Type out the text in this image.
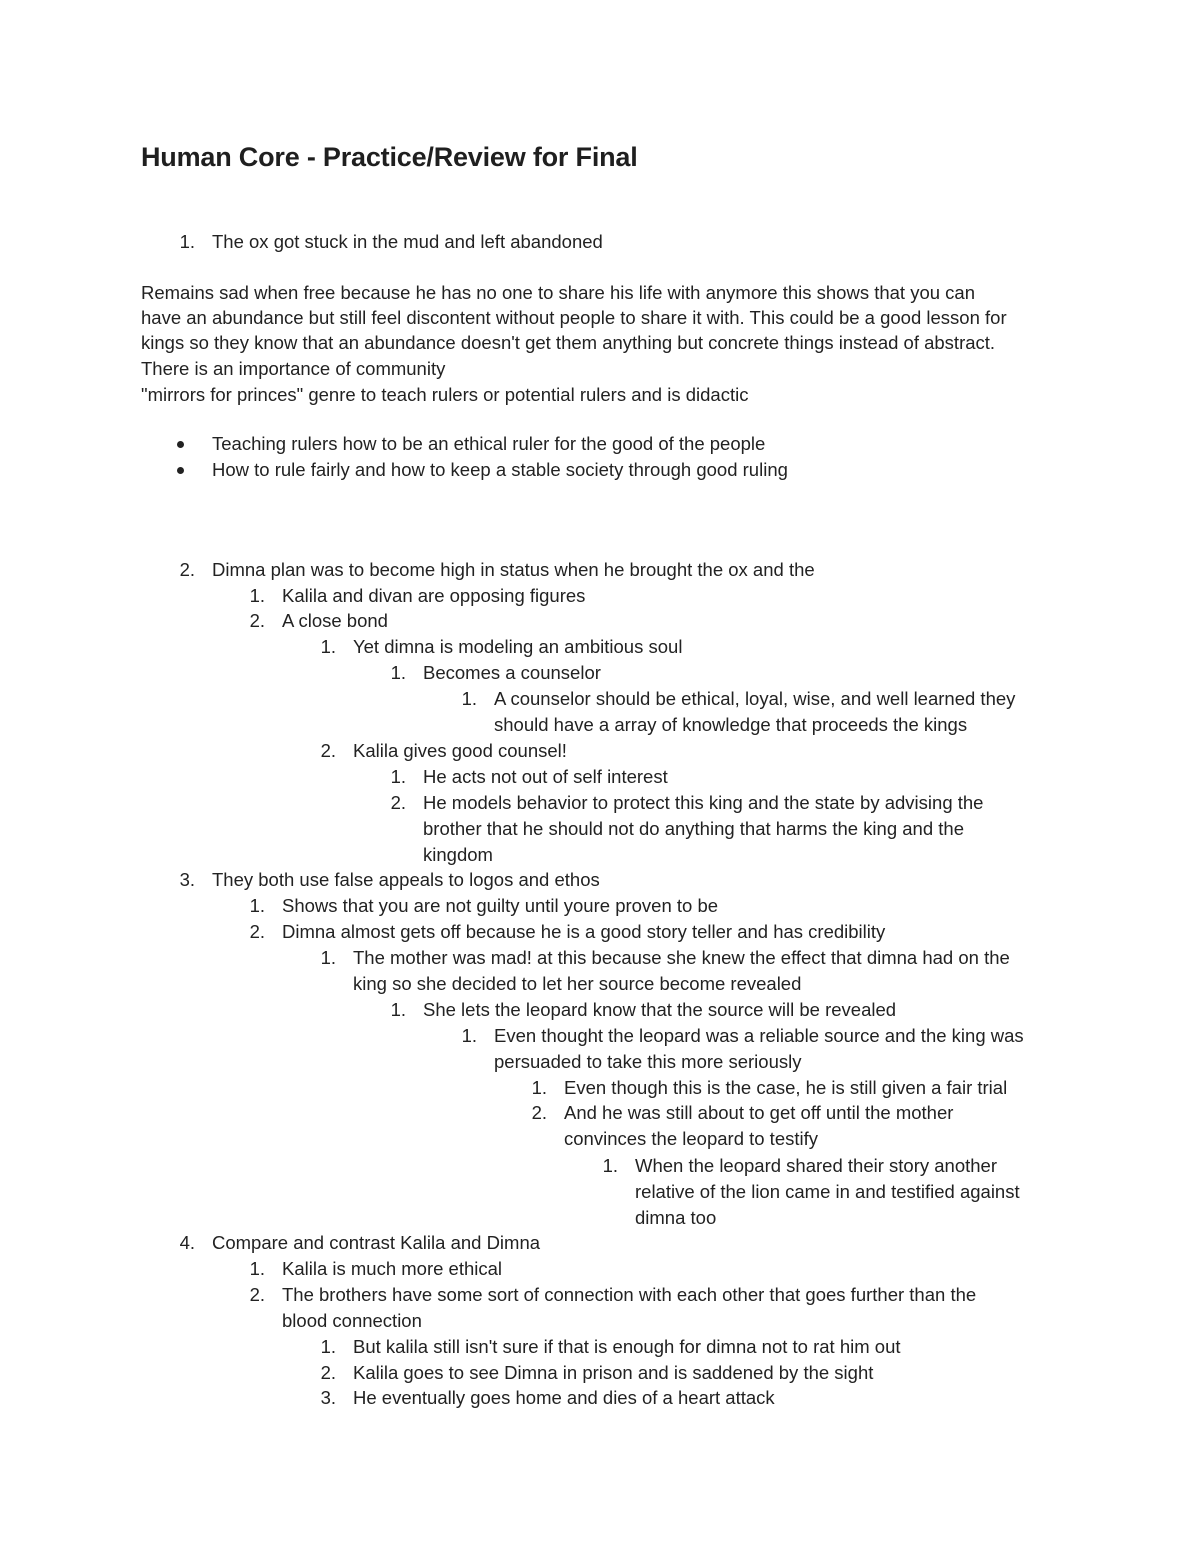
Human Core - Practice/Review for Final
1. The ox got stuck in the mud and left abandoned
Remains sad when free because he has no one to share his life with anymore this shows that you can
have an abundance but still feel discontent without people to share it with. This could be a good lesson for
kings so they know that an abundance doesn't get them anything but concrete things instead of abstract.
There is an importance of community
"mirrors for princes" genre to teach rulers or potential rulers and is didactic
Teaching rulers how to be an ethical ruler for the good of the people
How to rule fairly and how to keep a stable society through good ruling
2. Dimna plan was to become high in status when he brought the ox and the
1. Kalila and divan are opposing figures
2. A close bond
1. Yet dimna is modeling an ambitious soul
1. Becomes a counselor
1. A counselor should be ethical, loyal, wise, and well learned they
should have a array of knowledge that proceeds the kings
2. Kalila gives good counsel!
1. He acts not out of self interest
2. He models behavior to protect this king and the state by advising the
brother that he should not do anything that harms the king and the
kingdom
3. They both use false appeals to logos and ethos
1. Shows that you are not guilty until youre proven to be
2. Dimna almost gets off because he is a good story teller and has credibility
1. The mother was mad! at this because she knew the effect that dimna had on the
king so she decided to let her source become revealed
1. She lets the leopard know that the source will be revealed
1. Even thought the leopard was a reliable source and the king was
persuaded to take this more seriously
1. Even though this is the case, he is still given a fair trial
2. And he was still about to get off until the mother
convinces the leopard to testify
1. When the leopard shared their story another
relative of the lion came in and testified against
dimna too
4. Compare and contrast Kalila and Dimna
1. Kalila is much more ethical
2. The brothers have some sort of connection with each other that goes further than the
blood connection
1. But kalila still isn't sure if that is enough for dimna not to rat him out
2. Kalila goes to see Dimna in prison and is saddened by the sight
3. He eventually goes home and dies of a heart attack
